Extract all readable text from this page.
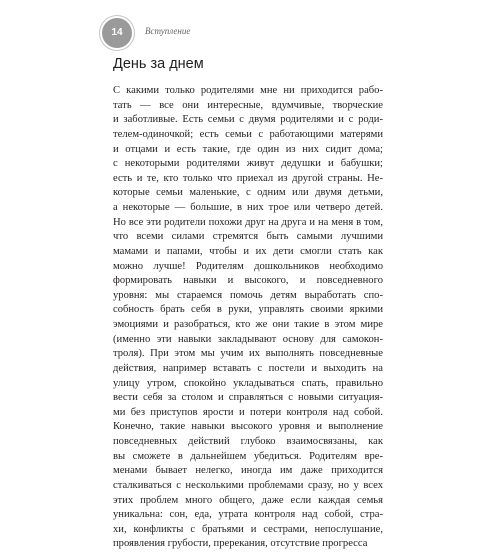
14 Вступление
День за днем
С какими только родителями мне ни приходится рабо-
тать — все они интересные, вдумчивые, творческие
и заботливые. Есть семьи с двумя родителями и с роди-
телем-одиночкой; есть семьи с работающими матерями
и отцами и есть такие, где один из них сидит дома;
с некоторыми родителями живут дедушки и бабушки;
есть и те, кто только что приехал из другой страны. Не-
которые семьи маленькие, с одним или двумя детьми,
а некоторые — большие, в них трое или четверо детей.
Но все эти родители похожи друг на друга и на меня в том,
что всеми силами стремятся быть самыми лучшими
мамами и папами, чтобы и их дети смогли стать как
можно лучше! Родителям дошкольников необходимо
формировать навыки и высокого, и повседневного
уровня: мы стараемся помочь детям выработать спо-
собность брать себя в руки, управлять своими яркими
эмоциями и разобраться, кто же они такие в этом мире
(именно эти навыки закладывают основу для самокон-
троля). При этом мы учим их выполнять повседневные
действия, например вставать с постели и выходить на
улицу утром, спокойно укладываться спать, правильно
вести себя за столом и справляться с новыми ситуация-
ми без приступов ярости и потери контроля над собой.
Конечно, такие навыки высокого уровня и выполнение
повседневных действий глубоко взаимосвязаны, как
вы сможете в дальнейшем убедиться. Родителям вре-
менами бывает нелегко, иногда им даже приходится
сталкиваться с несколькими проблемами сразу, но у всех
этих проблем много общего, даже если каждая семья
уникальна: сон, еда, утрата контроля над собой, стра-
хи, конфликты с братьями и сестрами, непослушание,
проявления грубости, пререкания, отсутствие прогресса
